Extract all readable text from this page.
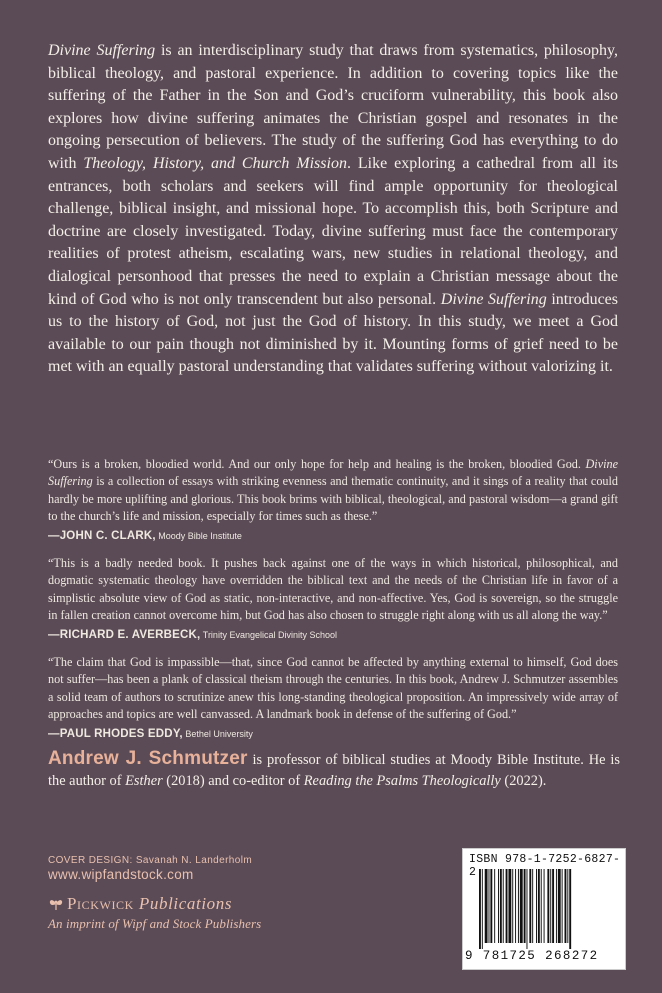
Divine Suffering is an interdisciplinary study that draws from systematics, philosophy, biblical theology, and pastoral experience. In addition to covering topics like the suffering of the Father in the Son and God’s cruciform vulnerability, this book also explores how divine suffering animates the Christian gospel and resonates in the ongoing persecution of believers. The study of the suffering God has everything to do with Theology, History, and Church Mission. Like exploring a cathedral from all its entrances, both scholars and seekers will find ample opportunity for theological challenge, biblical insight, and missional hope. To accomplish this, both Scripture and doctrine are closely investigated. Today, divine suffering must face the contemporary realities of protest atheism, escalating wars, new studies in relational theology, and dialogical personhood that presses the need to explain a Christian message about the kind of God who is not only transcendent but also personal. Divine Suffering introduces us to the history of God, not just the God of history. In this study, we meet a God available to our pain though not diminished by it. Mounting forms of grief need to be met with an equally pastoral understanding that validates suffering without valorizing it.

“Ours is a broken, bloodied world. And our only hope for help and healing is the broken, bloodied God. Divine Suffering is a collection of essays with striking evenness and thematic continuity, and it sings of a reality that could hardly be more uplifting and glorious. This book brims with biblical, theological, and pastoral wisdom—a grand gift to the church’s life and mission, especially for times such as these.”
—JOHN C. CLARK, Moody Bible Institute

“This is a badly needed book. It pushes back against one of the ways in which historical, philosophical, and dogmatic systematic theology have overridden the biblical text and the needs of the Christian life in favor of a simplistic absolute view of God as static, non-interactive, and non-affective. Yes, God is sovereign, so the struggle in fallen creation cannot overcome him, but God has also chosen to struggle right along with us all along the way.”
—RICHARD E. AVERBECK, Trinity Evangelical Divinity School

“The claim that God is impassible—that, since God cannot be affected by anything external to himself, God does not suffer—has been a plank of classical theism through the centuries. In this book, Andrew J. Schmutzer assembles a solid team of authors to scrutinize anew this long-standing theological proposition. An impressively wide array of approaches and topics are well canvassed. A landmark book in defense of the suffering of God.”
—PAUL RHODES EDDY, Bethel University

Andrew J. Schmutzer is professor of biblical studies at Moody Bible Institute. He is the author of Esther (2018) and co-editor of Reading the Psalms Theologically (2022).

COVER DESIGN: Savanah N. Landerholm
www.wipfandstock.com
Pickwick Publications
An imprint of Wipf and Stock Publishers
ISBN 978-1-7252-6827-2
9 781725 268272
